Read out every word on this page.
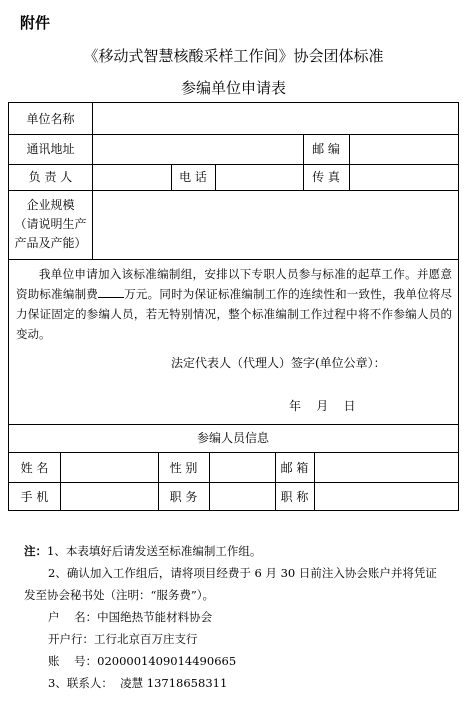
附件
《移动式智慧核酸采样工作间》协会团体标准
参编单位申请表
单位名称
通讯地址	邮 编
负 责 人	电 话	传 真
企业规模
（请说明生产
产品及产能）
我单位申请加入该标准编制组，安排以下专职人员参与标准的起草工作。并愿意资助标准编制费 万元。同时为保证标准编制工作的连续性和一致性，我单位将尽力保证固定的参编人员，若无特别情况，整个标准编制工作过程中将不作参编人员的变动。
法定代表人（代理人）签字(单位公章）：
年    月    日
参编人员信息
姓 名	性 别	邮 箱
手 机	职 务	职 称
注：1、本表填好后请发送至标准编制工作组。
2、确认加入工作组后，请将项目经费于 6 月 30 日前注入协会账户并将凭证
发至协会秘书处（注明：“服务费”）。
户    名：中国绝热节能材料协会
开户行：工行北京百万庄支行
账    号：0200001409014490665
3、联系人：  凌慧 13718658311
